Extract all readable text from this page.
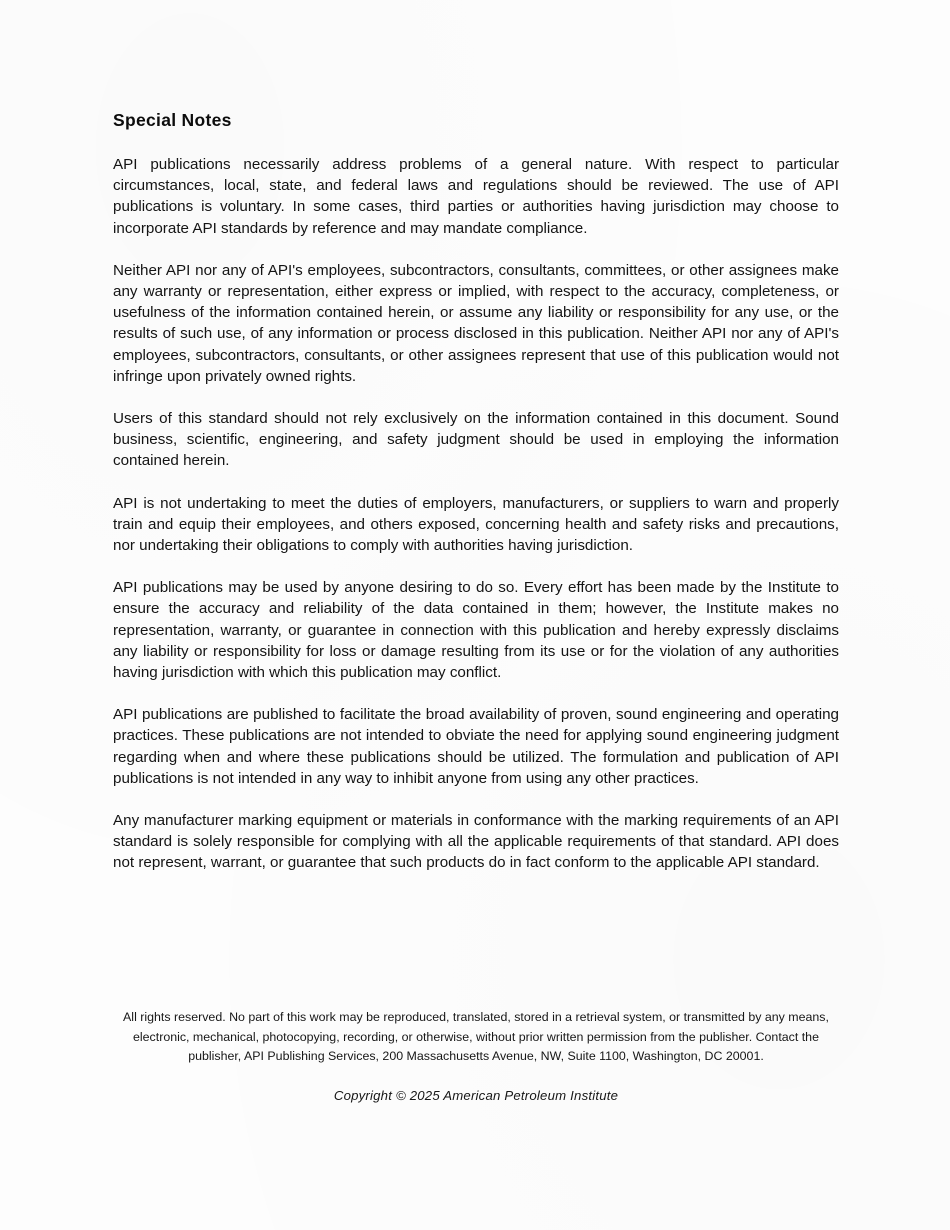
Special Notes

API publications necessarily address problems of a general nature. With respect to particular circumstances, local, state, and federal laws and regulations should be reviewed. The use of API publications is voluntary. In some cases, third parties or authorities having jurisdiction may choose to incorporate API standards by reference and may mandate compliance.

Neither API nor any of API's employees, subcontractors, consultants, committees, or other assignees make any warranty or representation, either express or implied, with respect to the accuracy, completeness, or usefulness of the information contained herein, or assume any liability or responsibility for any use, or the results of such use, of any information or process disclosed in this publication. Neither API nor any of API's employees, subcontractors, consultants, or other assignees represent that use of this publication would not infringe upon privately owned rights.

Users of this standard should not rely exclusively on the information contained in this document. Sound business, scientific, engineering, and safety judgment should be used in employing the information contained herein.

API is not undertaking to meet the duties of employers, manufacturers, or suppliers to warn and properly train and equip their employees, and others exposed, concerning health and safety risks and precautions, nor undertaking their obligations to comply with authorities having jurisdiction.

API publications may be used by anyone desiring to do so. Every effort has been made by the Institute to ensure the accuracy and reliability of the data contained in them; however, the Institute makes no representation, warranty, or guarantee in connection with this publication and hereby expressly disclaims any liability or responsibility for loss or damage resulting from its use or for the violation of any authorities having jurisdiction with which this publication may conflict.

API publications are published to facilitate the broad availability of proven, sound engineering and operating practices. These publications are not intended to obviate the need for applying sound engineering judgment regarding when and where these publications should be utilized. The formulation and publication of API publications is not intended in any way to inhibit anyone from using any other practices.

Any manufacturer marking equipment or materials in conformance with the marking requirements of an API standard is solely responsible for complying with all the applicable requirements of that standard. API does not represent, warrant, or guarantee that such products do in fact conform to the applicable API standard.

All rights reserved. No part of this work may be reproduced, translated, stored in a retrieval system, or transmitted by any means, electronic, mechanical, photocopying, recording, or otherwise, without prior written permission from the publisher. Contact the publisher, API Publishing Services, 200 Massachusetts Avenue, NW, Suite 1100, Washington, DC 20001.

Copyright © 2025 American Petroleum Institute
